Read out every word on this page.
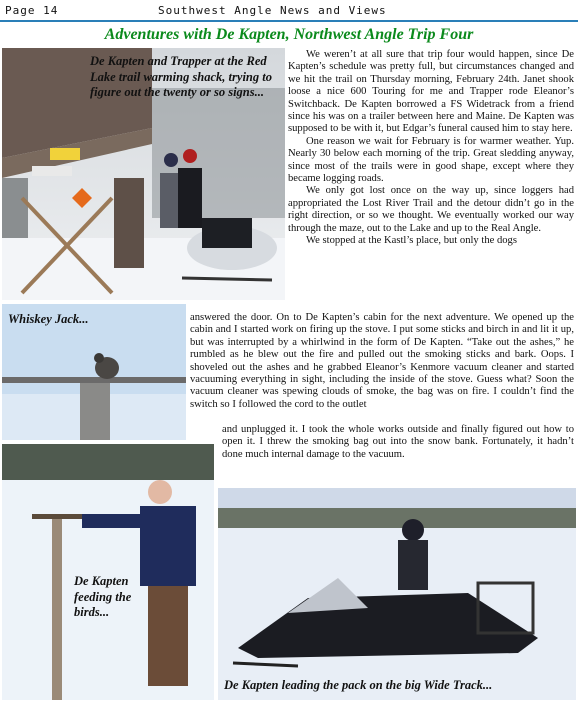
Page 14	Southwest Angle News and Views
Adventures with De Kapten, Northwest Angle Trip Four
De Kapten and Trapper at the Red Lake trail warming shack, trying to figure out the twenty or so signs...
Whiskey Jack...
De Kapten feeding the birds...
De Kapten leading the pack on the big Wide Track...

We weren’t at all sure that trip four would happen, since De Kapten’s schedule was pretty full, but circumstances changed and we hit the trail on Thursday morning, February 24th. Janet shook loose a nice 600 Touring for me and Trapper rode Eleanor’s Switchback. De Kapten borrowed a FS Widetrack from a friend since his was on a trailer between here and Maine. De Kapten was supposed to be with it, but Edgar’s funeral caused him to stay here.

One reason we wait for February is for warmer weather. Yup. Nearly 30 below each morning of the trip. Great sledding anyway, since most of the trails were in good shape, except where they became logging roads.

We only got lost once on the way up, since loggers had appropriated the Lost River Trail and the detour didn’t go in the right direction, or so we thought. We eventually worked our way through the maze, out to the Lake and up to the Real Angle.

We stopped at the Kastl’s place, but only the dogs

answered the door. On to De Kapten’s cabin for the next adventure. We opened up the cabin and I started work on firing up the stove. I put some sticks and birch in and lit it up, but was interrupted by a whirlwind in the form of De Kapten. “Take out the ashes,” he rumbled as he blew out the fire and pulled out the smoking sticks and bark. Oops. I shoveled out the ashes and he grabbed Eleanor’s Kenmore vacuum cleaner and started vacuuming everything in sight, including the inside of the stove. Guess what? Soon the vacuum cleaner was spewing clouds of smoke, the bag was on fire. I couldn’t find the switch so I followed the cord to the outlet

and unplugged it. I took the whole works outside and finally figured out how to open it. I threw the smoking bag out into the snow bank. Fortunately, it hadn’t done much internal damage to the vacuum.
